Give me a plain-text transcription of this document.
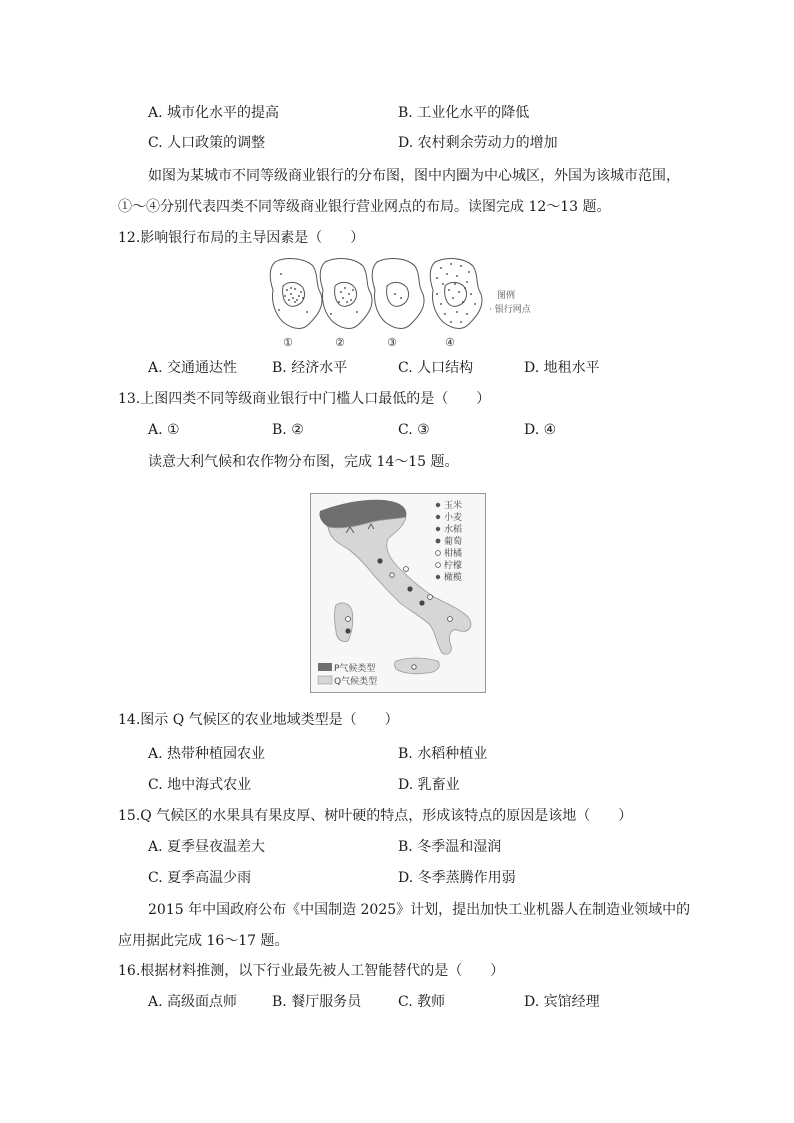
A. 城市化水平的提高	B. 工业化水平的降低
C. 人口政策的调整	D. 农村剩余劳动力的增加
如图为某城市不同等级商业银行的分布图，图中内圈为中心城区，外国为该城市范围，
①～④分别代表四类不同等级商业银行营业网点的布局。读图完成 12～13 题。
12.影响银行布局的主导因素是（　　）
①	②	③	④
图例
· 银行网点
A. 交通通达性 B. 经济水平	C. 人口结构	D. 地租水平
13.上图四类不同等级商业银行中门槛人口最低的是（　　）
A. ①	B. ②	C. ③	D. ④
读意大利气候和农作物分布图，完成 14～15 题。
玉米
小麦
水稻
葡萄
柑橘
柠檬
橄榄
P气候类型
Q气候类型
14.图示 Q 气候区的农业地域类型是（　　）
A. 热带种植园农业	B. 水稻种植业
C. 地中海式农业	D. 乳畜业
15.Q 气候区的水果具有果皮厚、树叶硬的特点，形成该特点的原因是该地（　　）
A. 夏季昼夜温差大	B. 冬季温和湿润
C. 夏季高温少雨	D. 冬季蒸腾作用弱
2015 年中国政府公布《中国制造 2025》计划，提出加快工业机器人在制造业领域中的
应用据此完成 16～17 题。
16.根据材料推测，以下行业最先被人工智能替代的是（　　）
A. 高级面点师 B. 餐厅服务员	C. 教师	D. 宾馆经理
